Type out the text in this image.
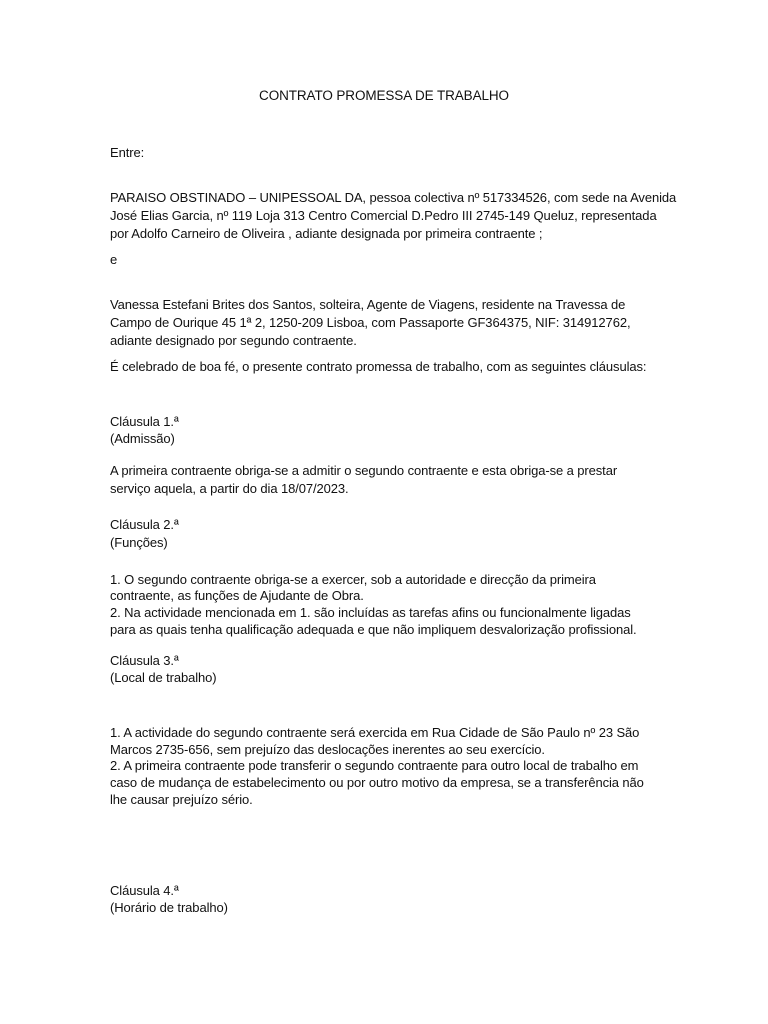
CONTRATO PROMESSA DE TRABALHO
Entre:
PARAISO OBSTINADO – UNIPESSOAL DA, pessoa colectiva nº 517334526, com sede na Avenida
José Elias Garcia, nº 119 Loja 313 Centro Comercial D.Pedro III 2745-149 Queluz, representada
por Adolfo Carneiro de Oliveira , adiante designada por primeira contraente ;
e
Vanessa Estefani Brites dos Santos, solteira, Agente de Viagens, residente na Travessa de
Campo de Ourique 45 1ª 2, 1250-209 Lisboa, com Passaporte GF364375, NIF: 314912762,
adiante designado por segundo contraente.
É celebrado de boa fé, o presente contrato promessa de trabalho, com as seguintes cláusulas:
Cláusula 1.ª
(Admissão)
A primeira contraente obriga-se a admitir o segundo contraente e esta obriga-se a prestar
serviço aquela, a partir do dia 18/07/2023.
Cláusula 2.ª
(Funções)
1. O segundo contraente obriga-se a exercer, sob a autoridade e direcção da primeira
contraente, as funções de Ajudante de Obra.
2. Na actividade mencionada em 1. são incluídas as tarefas afins ou funcionalmente ligadas
para as quais tenha qualificação adequada e que não impliquem desvalorização profissional.
Cláusula 3.ª
(Local de trabalho)
1. A actividade do segundo contraente será exercida em Rua Cidade de São Paulo nº 23 São
Marcos 2735-656, sem prejuízo das deslocações inerentes ao seu exercício.
2. A primeira contraente pode transferir o segundo contraente para outro local de trabalho em
caso de mudança de estabelecimento ou por outro motivo da empresa, se a transferência não
lhe causar prejuízo sério.
Cláusula 4.ª
(Horário de trabalho)
